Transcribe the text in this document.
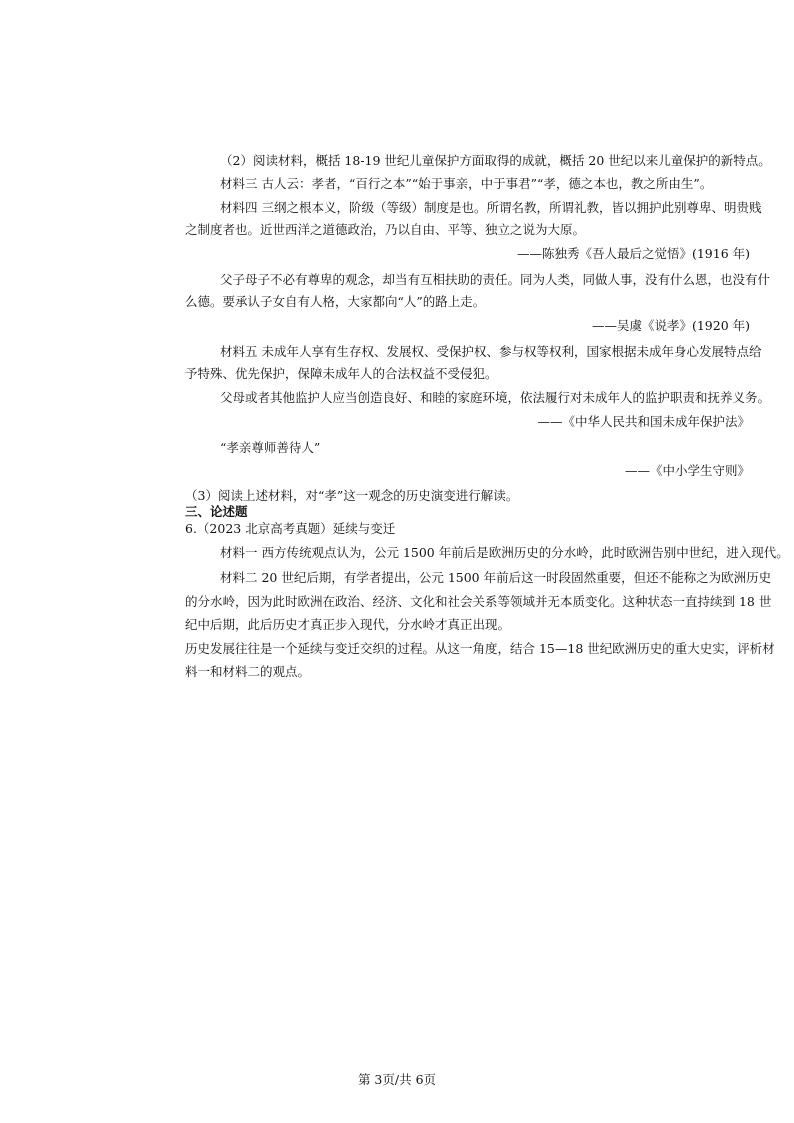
（2）阅读材料，概括 18-19 世纪儿童保护方面取得的成就，概括 20 世纪以来儿童保护的新特点。
材料三 古人云：孝者，“百行之本”“始于事亲，中于事君”“孝，德之本也，教之所由生”。
材料四 三纲之根本义，阶级（等级）制度是也。所谓名教，所谓礼教，皆以拥护此别尊卑、明贵贱
之制度者也。近世西洋之道德政治，乃以自由、平等、独立之说为大原。
——陈独秀《吾人最后之觉悟》(1916 年)
父子母子不必有尊卑的观念，却当有互相扶助的责任。同为人类，同做人事，没有什么恩，也没有什
么德。要承认子女自有人格，大家都向“人”的路上走。
——吴虞《说孝》(1920 年)
材料五 未成年人享有生存权、发展权、受保护权、参与权等权利，国家根据未成年身心发展特点给
予特殊、优先保护，保障未成年人的合法权益不受侵犯。
父母或者其他监护人应当创造良好、和睦的家庭环境，依法履行对未成年人的监护职责和抚养义务。
——《中华人民共和国未成年保护法》
“孝亲尊师善待人”
——《中小学生守则》
（3）阅读上述材料，对“孝”这一观念的历史演变进行解读。
三、论述题
6.（2023 北京高考真题）延续与变迁
材料一 西方传统观点认为，公元 1500 年前后是欧洲历史的分水岭，此时欧洲告别中世纪，进入现代。
材料二 20 世纪后期，有学者提出，公元 1500 年前后这一时段固然重要，但还不能称之为欧洲历史
的分水岭，因为此时欧洲在政治、经济、文化和社会关系等领域并无本质变化。这种状态一直持续到 18 世
纪中后期，此后历史才真正步入现代，分水岭才真正出现。
历史发展往往是一个延续与变迁交织的过程。从这一角度，结合 15—18 世纪欧洲历史的重大史实，评析材
料一和材料二的观点。
第 3页/共 6页
